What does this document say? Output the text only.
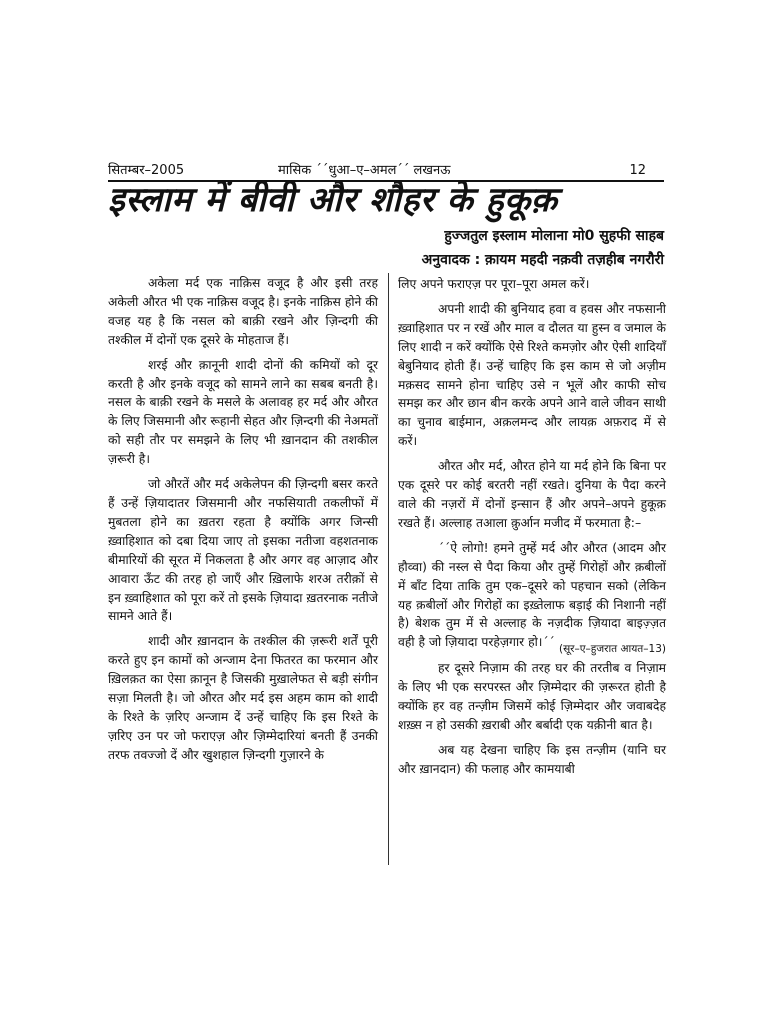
सितम्बर–2005	मासिक ´´धुआ–ए–अमल´´ लखनऊ	12
इस्लाम में बीवी और शौहर के हुकूक़
हुज्जतुल इस्लाम मोलाना मो0 सुहफी साहब
अनुवादक : क़ायम महदी नक़वी तज़हीब नगरौरी

अकेला मर्द एक नाक़िस वजूद है और इसी तरह अकेली औरत भी एक नाक़िस वजूद है। इनके नाक़िस होने की वजह यह है कि नसल को बाक़ी रखने और ज़िन्दगी की तश्कील में दोनों एक दूसरे के मोहताज हैं।

शरई और क़ानूनी शादी दोनों की कमियों को दूर करती है और इनके वजूद को सामने लाने का सबब बनती है। नसल के बाक़ी रखने के मसले के अलावह हर मर्द और औरत के लिए जिसमानी और रूहानी सेहत और ज़िन्दगी की नेअमतों को सही तौर पर समझने के लिए भी ख़ानदान की तशकील ज़रूरी है।

जो औरतें और मर्द अकेलेपन की ज़िन्दगी बसर करते हैं उन्हें ज़ियादातर जिसमानी और नफसियाती तकलीफों में मुबतला होने का ख़तरा रहता है क्योंकि अगर जिन्सी ख़्वाहिशात को दबा दिया जाए तो इसका नतीजा वहशतनाक बीमारियों की सूरत में निकलता है और अगर वह आज़ाद और आवारा ऊँट की तरह हो जाएँ और ख़िलाफे शरअ तरीक़ों से इन ख़्वाहिशात को पूरा करें तो इसके ज़ियादा ख़तरनाक नतीजे सामने आते हैं।

शादी और ख़ानदान के तश्कील की ज़रूरी शर्तें पूरी करते हुए इन कामों को अन्जाम देना फितरत का फरमान और ख़िलक़त का ऐसा क़ानून है जिसकी मुख़ालेफत से बड़ी संगीन सज़ा मिलती है। जो औरत और मर्द इस अहम काम को शादी के रिश्ते के ज़रिए अन्जाम दें उन्हें चाहिए कि इस रिश्ते के ज़रिए उन पर जो फराएज़ और ज़िम्मेदारियां बनती हैं उनकी तरफ तवज्जो दें और खुशहाल ज़िन्दगी गुज़ारने के

लिए अपने फराएज़ पर पूरा–पूरा अमल करें।

अपनी शादी की बुनियाद हवा व हवस और नफसानी ख़्वाहिशात पर न रखें और माल व दौलत या हुस्न व जमाल के लिए शादी न करें क्योंकि ऐसे रिश्ते कमज़ोर और ऐसी शादियाँ बेबुनियाद होती हैं। उन्हें चाहिए कि इस काम से जो अज़ीम मक़सद सामने होना चाहिए उसे न भूलें और काफी सोच समझ कर और छान बीन करके अपने आने वाले जीवन साथी का चुनाव बाईमान, अक़लमन्द और लायक़ अफ़राद में से करें।

औरत और मर्द, औरत होने या मर्द होने कि बिना पर एक दूसरे पर कोई बरतरी नहीं रखते। दुनिया के पैदा करने वाले की नज़रों में दोनों इन्सान हैं और अपने–अपने हुकूक़ रखते हैं। अल्लाह तआला क़ुर्आन मजीद में फरमाता है:–

´´ऐ लोगो! हमने तुम्हें मर्द और औरत (आदम और हौव्वा) की नस्ल से पैदा किया और तुम्हें गिरोहों और क़बीलों में बाँट दिया ताकि तुम एक–दूसरे को पहचान सको (लेकिन यह क़बीलों और गिरोहों का इख़्तेलाफ बड़ाई की निशानी नहीं है) बेशक तुम में से अल्लाह के नज़दीक ज़ियादा बाइज़्ज़त वही है जो ज़ियादा परहेज़गार हो।´´ (सूर–ए–हुजरात आयत–13)

हर दूसरे निज़ाम की तरह घर की तरतीब व निज़ाम के लिए भी एक सरपरस्त और ज़िम्मेदार की ज़रूरत होती है क्योंकि हर वह तन्ज़ीम जिसमें कोई ज़िम्मेदार और जवाबदेह शख़्स न हो उसकी ख़राबी और बर्बादी एक यक़ीनी बात है।

अब यह देखना चाहिए कि इस तन्ज़ीम (यानि घर और ख़ानदान) की फलाह और कामयाबी
